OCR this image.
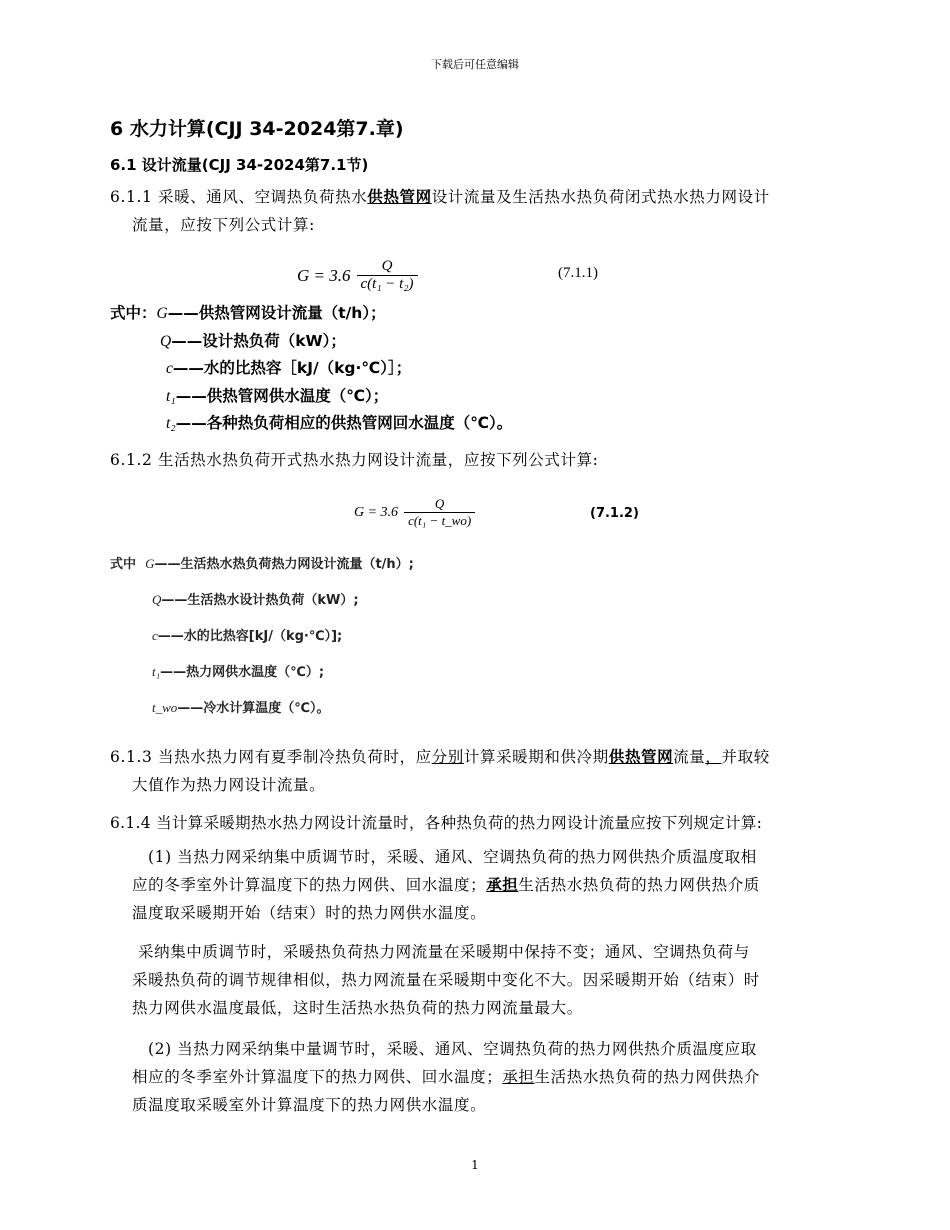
下载后可任意编辑
6 水力计算(CJJ 34-2024第7.章)
6.1 设计流量(CJJ 34-2024第7.1节)
6.1.1 采暖、通风、空调热负荷热水供热管网设计流量及生活热水热负荷闭式热水热力网设计
流量，应按下列公式计算:
$G = 3.6 \frac{Q}{\text{c(t₁ − t₂)}}$	(7.1.1)
式中：G——供热管网设计流量（t/h）；
Q——设计热负荷（kW）；
c——水的比热容［kJ/（kg·℃）］；
t₁——供热管网供水温度（℃）；
t₂——各种热负荷相应的供热管网回水温度（℃）。
6.1.2 生活热水热负荷开式热水热力网设计流量，应按下列公式计算:
$G = 3.6 \frac{Q}{\text{c(t₁ − t\_wo)}}$	(7.1.2)
式中 G——生活热水热负荷热力网设计流量（t/h）;
Q——生活热水设计热负荷（kW）;
c——水的比热容[kJ/（kg·℃）];
t₁——热力网供水温度（℃）;
t_wo——冷水计算温度（℃）。
6.1.3 当热水热力网有夏季制冷热负荷时，应分别计算采暖期和供冷期供热管网流量，并取较
大值作为热力网设计流量。
6.1.4 当计算采暖期热水热力网设计流量时，各种热负荷的热力网设计流量应按下列规定计算:
(1) 当热力网采纳集中质调节时，采暖、通风、空调热负荷的热力网供热介质温度取相
应的冬季室外计算温度下的热力网供、回水温度；承担生活热水热负荷的热力网供热介质
温度取采暖期开始（结束）时的热力网供水温度。
采纳集中质调节时，采暖热负荷热力网流量在采暖期中保持不变；通风、空调热负荷与
采暖热负荷的调节规律相似，热力网流量在采暖期中变化不大。因采暖期开始（结束）时
热力网供水温度最低，这时生活热水热负荷的热力网流量最大。
(2) 当热力网采纳集中量调节时，采暖、通风、空调热负荷的热力网供热介质温度应取
相应的冬季室外计算温度下的热力网供、回水温度；承担生活热水热负荷的热力网供热介
质温度取采暖室外计算温度下的热力网供水温度。
1
